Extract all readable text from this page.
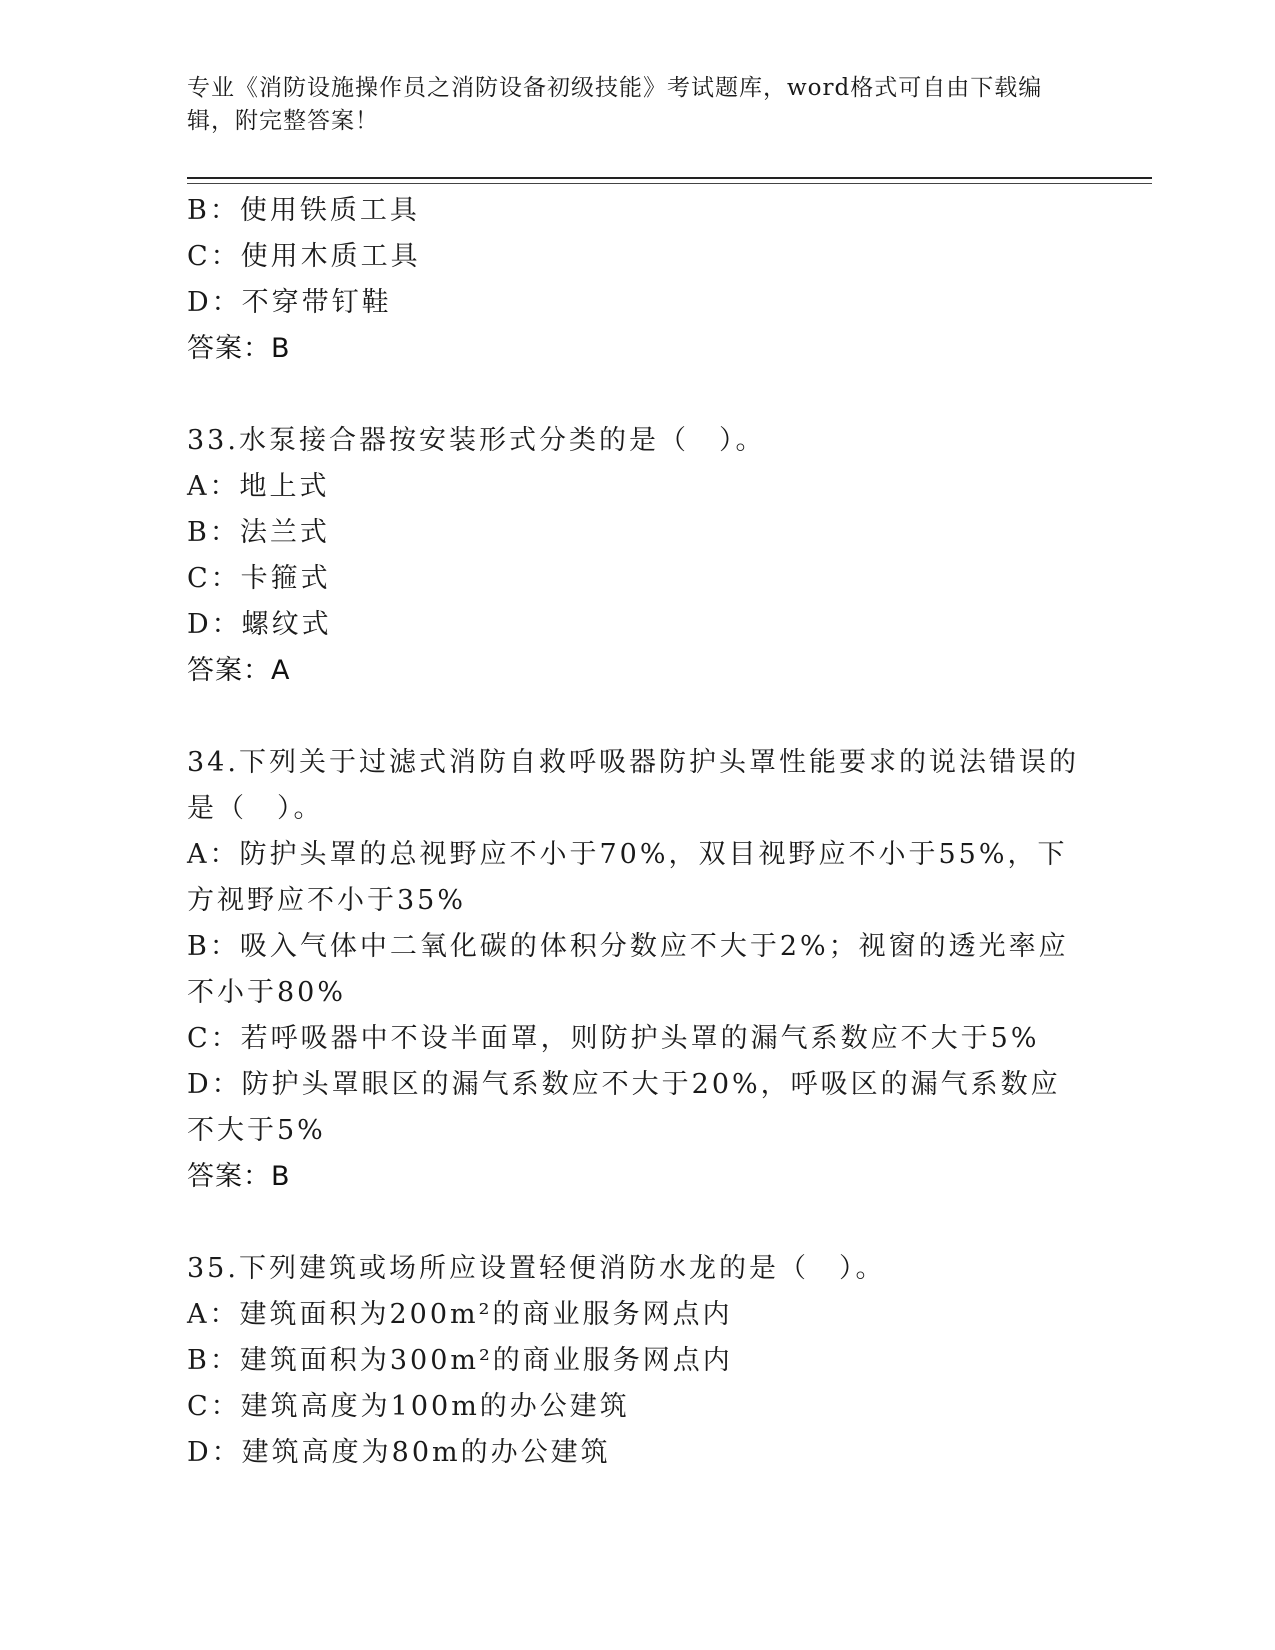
专业《消防设施操作员之消防设备初级技能》考试题库，word格式可自由下载编辑，附完整答案！
B：使用铁质工具
C：使用木质工具
D：不穿带钉鞋
答案：B
33.水泵接合器按安装形式分类的是（　）。
A：地上式
B：法兰式
C：卡箍式
D：螺纹式
答案：A
34.下列关于过滤式消防自救呼吸器防护头罩性能要求的说法错误的是（　）。
A：防护头罩的总视野应不小于70%，双目视野应不小于55%，下方视野应不小于35%
B：吸入气体中二氧化碳的体积分数应不大于2%；视窗的透光率应不小于80%
C：若呼吸器中不设半面罩，则防护头罩的漏气系数应不大于5%
D：防护头罩眼区的漏气系数应不大于20%，呼吸区的漏气系数应不大于5%
答案：B
35.下列建筑或场所应设置轻便消防水龙的是（　）。
A：建筑面积为200m²的商业服务网点内
B：建筑面积为300m²的商业服务网点内
C：建筑高度为100m的办公建筑
D：建筑高度为80m的办公建筑
